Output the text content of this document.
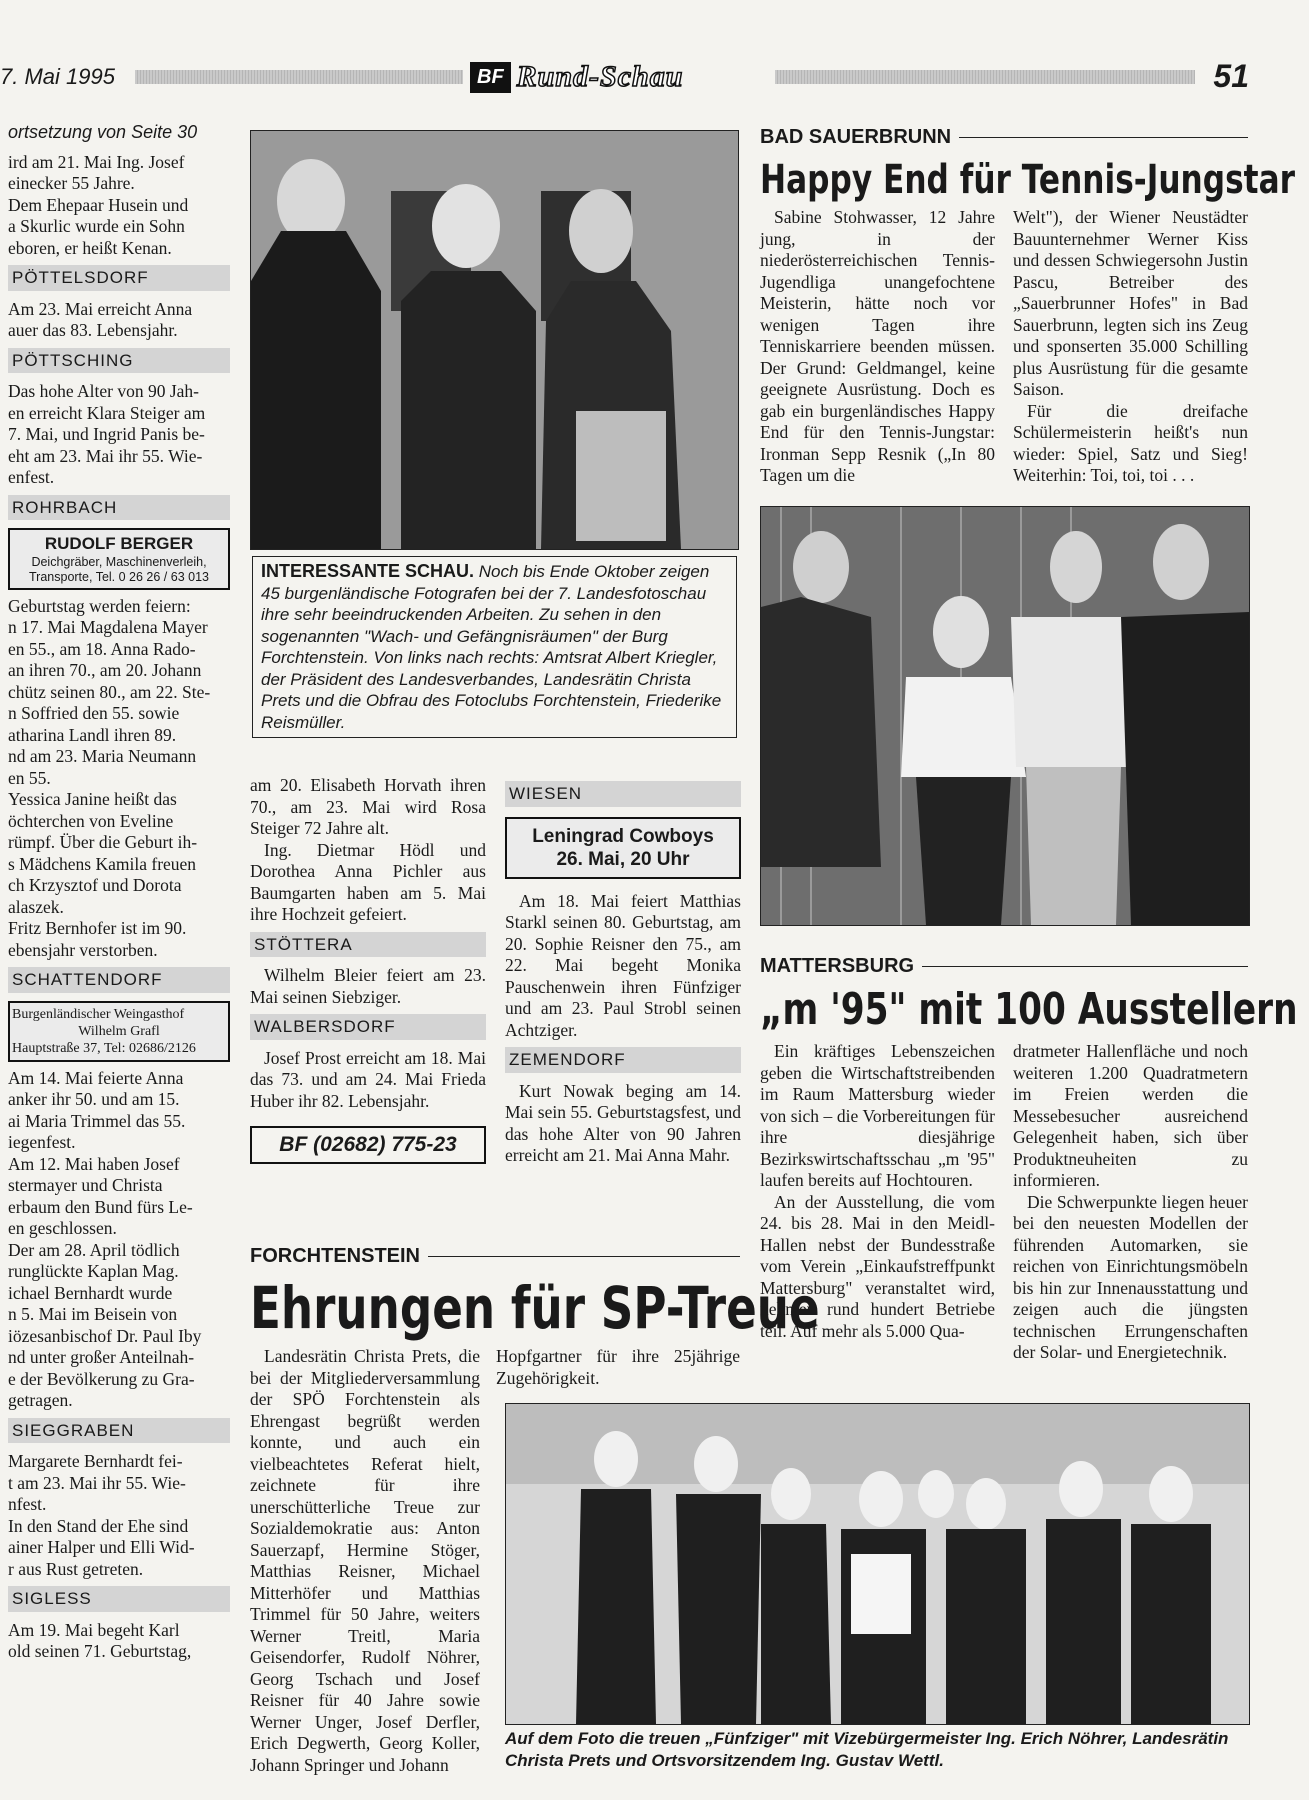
7. Mai 1995	BF Rund-Schau	51
ortsetzung von Seite 30
ird am 21. Mai Ing. Josef
einecker 55 Jahre.
Dem Ehepaar Husein und
a Skurlic wurde ein Sohn
eboren, er heißt Kenan.
PÖTTELSDORF
Am 23. Mai erreicht Anna
auer das 83. Lebensjahr.
PÖTTSCHING
Das hohe Alter von 90 Jah-
en erreicht Klara Steiger am
7. Mai, und Ingrid Panis be-
eht am 23. Mai ihr 55. Wie-
enfest.
ROHRBACH
RUDOLF BERGER
Deichgräber, Maschinenverleih,
Transporte, Tel. 0 26 26 / 63 013
Geburtstag werden feiern:
n 17. Mai Magdalena Mayer
en 55., am 18. Anna Rado-
an ihren 70., am 20. Johann
chütz seinen 80., am 22. Ste-
n Soffried den 55. sowie
atharina Landl ihren 89.
nd am 23. Maria Neumann
en 55.
Yessica Janine heißt das
öchterchen von Eveline
rümpf. Über die Geburt ih-
s Mädchens Kamila freuen
ch Krzysztof und Dorota
alaszek.
Fritz Bernhofer ist im 90.
ebensjahr verstorben.
SCHATTENDORF
Burgenländischer Weingasthof
Wilhelm Grafl
Hauptstraße 37, Tel: 02686/2126
Am 14. Mai feierte Anna
anker ihr 50. und am 15.
ai Maria Trimmel das 55.
iegenfest.
Am 12. Mai haben Josef
stermayer und Christa
erbaum den Bund fürs Le-
en geschlossen.
Der am 28. April tödlich
runglückte Kaplan Mag.
ichael Bernhardt wurde
n 5. Mai im Beisein von
iözesanbischof Dr. Paul Iby
nd unter großer Anteilnah-
e der Bevölkerung zu Gra-
getragen.
SIEGGRABEN
Margarete Bernhardt fei-
t am 23. Mai ihr 55. Wie-
nfest.
In den Stand der Ehe sind
ainer Halper und Elli Wid-
r aus Rust getreten.
SIGLESS
Am 19. Mai begeht Karl
old seinen 71. Geburtstag,
INTERESSANTE SCHAU. Noch bis Ende Oktober zeigen 45 burgenländische Fotografen bei der 7. Landesfotoschau ihre sehr beeindruckenden Arbeiten. Zu sehen in den sogenannten "Wach- und Gefängnisräumen" der Burg Forchtenstein. Von links nach rechts: Amtsrat Albert Kriegler, der Präsident des Landesverbandes, Landesrätin Christa Prets und die Obfrau des Fotoclubs Forchtenstein, Friederike Reismüller.

am 20. Elisabeth Horvath ihren 70., am 23. Mai wird Rosa Steiger 72 Jahre alt.

Ing. Dietmar Hödl und Dorothea Anna Pichler aus Baumgarten haben am 5. Mai ihre Hochzeit gefeiert.

STÖTTERA

Wilhelm Bleier feiert am 23. Mai seinen Siebziger.

WALBERSDORF

Josef Prost erreicht am 18. Mai das 73. und am 24. Mai Frieda Huber ihr 82. Lebensjahr.

BF (02682) 775-23
WIESEN
Leningrad Cowboys
26. Mai, 20 Uhr

Am 18. Mai feiert Matthias Starkl seinen 80. Geburtstag, am 20. Sophie Reisner den 75., am 22. Mai begeht Monika Pauschenwein ihren Fünfziger und am 23. Paul Strobl seinen Achtziger.

ZEMENDORF

Kurt Nowak beging am 14. Mai sein 55. Geburtstagsfest, und das hohe Alter von 90 Jahren erreicht am 21. Mai Anna Mahr.

BAD SAUERBRUNN
Happy End für Tennis-Jungstar

Sabine Stohwasser, 12 Jahre jung, in der niederösterreichischen Tennis-Jugendliga unangefochtene Meisterin, hätte noch vor wenigen Tagen ihre Tenniskarriere beenden müssen. Der Grund: Geldmangel, keine geeignete Ausrüstung. Doch es gab ein burgenländisches Happy End für den Tennis-Jungstar: Ironman Sepp Resnik („In 80 Tagen um die

Welt"), der Wiener Neustädter Bauunternehmer Werner Kiss und dessen Schwiegersohn Justin Pascu, Betreiber des „Sauerbrunner Hofes" in Bad Sauerbrunn, legten sich ins Zeug und sponserten 35.000 Schilling plus Ausrüstung für die gesamte Saison.

Für die dreifache Schülermeisterin heißt's nun wieder: Spiel, Satz und Sieg! Weiterhin: Toi, toi, toi . . .

MATTERSBURG
„m '95" mit 100 Ausstellern

Ein kräftiges Lebenszeichen geben die Wirtschaftstreibenden im Raum Mattersburg wieder von sich – die Vorbereitungen für ihre diesjährige Bezirkswirtschaftsschau „m '95" laufen bereits auf Hochtouren.

An der Ausstellung, die vom 24. bis 28. Mai in den Meidl-Hallen nebst der Bundesstraße vom Verein „Einkaufstreffpunkt Mattersburg" veranstaltet wird, nehmen rund hundert Betriebe teil. Auf mehr als 5.000 Qua-

dratmeter Hallenfläche und noch weiteren 1.200 Quadratmetern im Freien werden die Messebesucher ausreichend Gelegenheit haben, sich über Produktneuheiten zu informieren.

Die Schwerpunkte liegen heuer bei den neuesten Modellen der führenden Automarken, sie reichen von Einrichtungsmöbeln bis hin zur Innenausstattung und zeigen auch die jüngsten technischen Errungenschaften der Solar- und Energietechnik.

FORCHTENSTEIN
Ehrungen für SP-Treue

Landesrätin Christa Prets, die bei der Mitgliederversammlung der SPÖ Forchtenstein als Ehrengast begrüßt werden konnte, und auch ein vielbeachtetes Referat hielt, zeichnete für ihre unerschütterliche Treue zur Sozialdemokratie aus: Anton Sauerzapf, Hermine Stöger, Matthias Reisner, Michael Mitterhöfer und Matthias Trimmel für 50 Jahre, weiters Werner Treitl, Maria Geisendorfer, Rudolf Nöhrer, Georg Tschach und Josef Reisner für 40 Jahre sowie Werner Unger, Josef Derfler, Erich Degwerth, Georg Koller, Johann Springer und Johann

Hopfgartner für ihre 25jährige Zugehörigkeit.

Auf dem Foto die treuen „Fünfziger" mit Vizebürgermeister Ing. Erich Nöhrer, Landesrätin Christa Prets und Ortsvorsitzendem Ing. Gustav Wettl.
